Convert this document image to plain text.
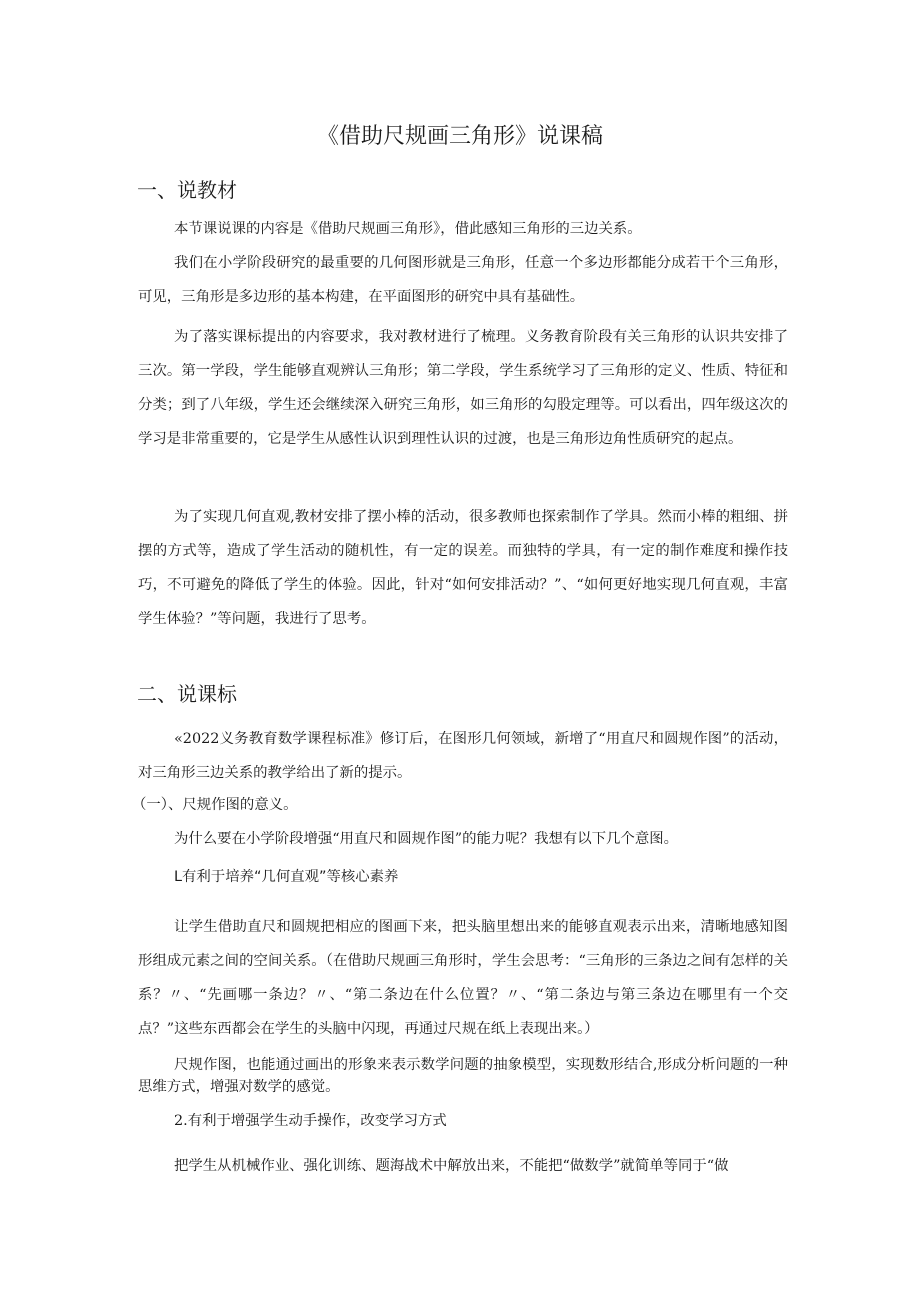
《借助尺规画三角形》说课稿
一、说教材

本节课说课的内容是《借助尺规画三角形》，借此感知三角形的三边关系。

我们在小学阶段研究的最重要的几何图形就是三角形，任意一个多边形都能分成若干个三角形，可见，三角形是多边形的基本构建，在平面图形的研究中具有基础性。

为了落实课标提出的内容要求，我对教材进行了梳理。义务教育阶段有关三角形的认识共安排了三次。第一学段，学生能够直观辨认三角形；第二学段，学生系统学习了三角形的定义、性质、特征和分类；到了八年级，学生还会继续深入研究三角形，如三角形的勾股定理等。可以看出，四年级这次的学习是非常重要的，它是学生从感性认识到理性认识的过渡，也是三角形边角性质研究的起点。

为了实现几何直观,教材安排了摆小棒的活动，很多教师也探索制作了学具。然而小棒的粗细、拼摆的方式等，造成了学生活动的随机性，有一定的误差。而独特的学具，有一定的制作难度和操作技巧，不可避免的降低了学生的体验。因此，针对“如何安排活动？”、“如何更好地实现几何直观，丰富学生体验？”等问题，我进行了思考。

二、说课标

«2022义务教育数学课程标准》修订后，在图形几何领域，新增了“用直尺和圆规作图”的活动，对三角形三边关系的教学给出了新的提示。

（一）、尺规作图的意义。

为什么要在小学阶段增强“用直尺和圆规作图”的能力呢？我想有以下几个意图。

L有利于培养“几何直观”等核心素养

让学生借助直尺和圆规把相应的图画下来，把头脑里想出来的能够直观表示出来，清晰地感知图形组成元素之间的空间关系。（在借助尺规画三角形时，学生会思考：“三角形的三条边之间有怎样的关系？〃、“先画哪一条边？〃、“第二条边在什么位置？〃、“第二条边与第三条边在哪里有一个交点？”这些东西都会在学生的头脑中闪现，再通过尺规在纸上表现出来。）

尺规作图，也能通过画出的形象来表示数学问题的抽象模型，实现数形结合,形成分析问题的一种思维方式，增强对数学的感觉。

2.有利于增强学生动手操作，改变学习方式

把学生从机械作业、强化训练、题海战术中解放出来，不能把“做数学”就简单等同于“做
